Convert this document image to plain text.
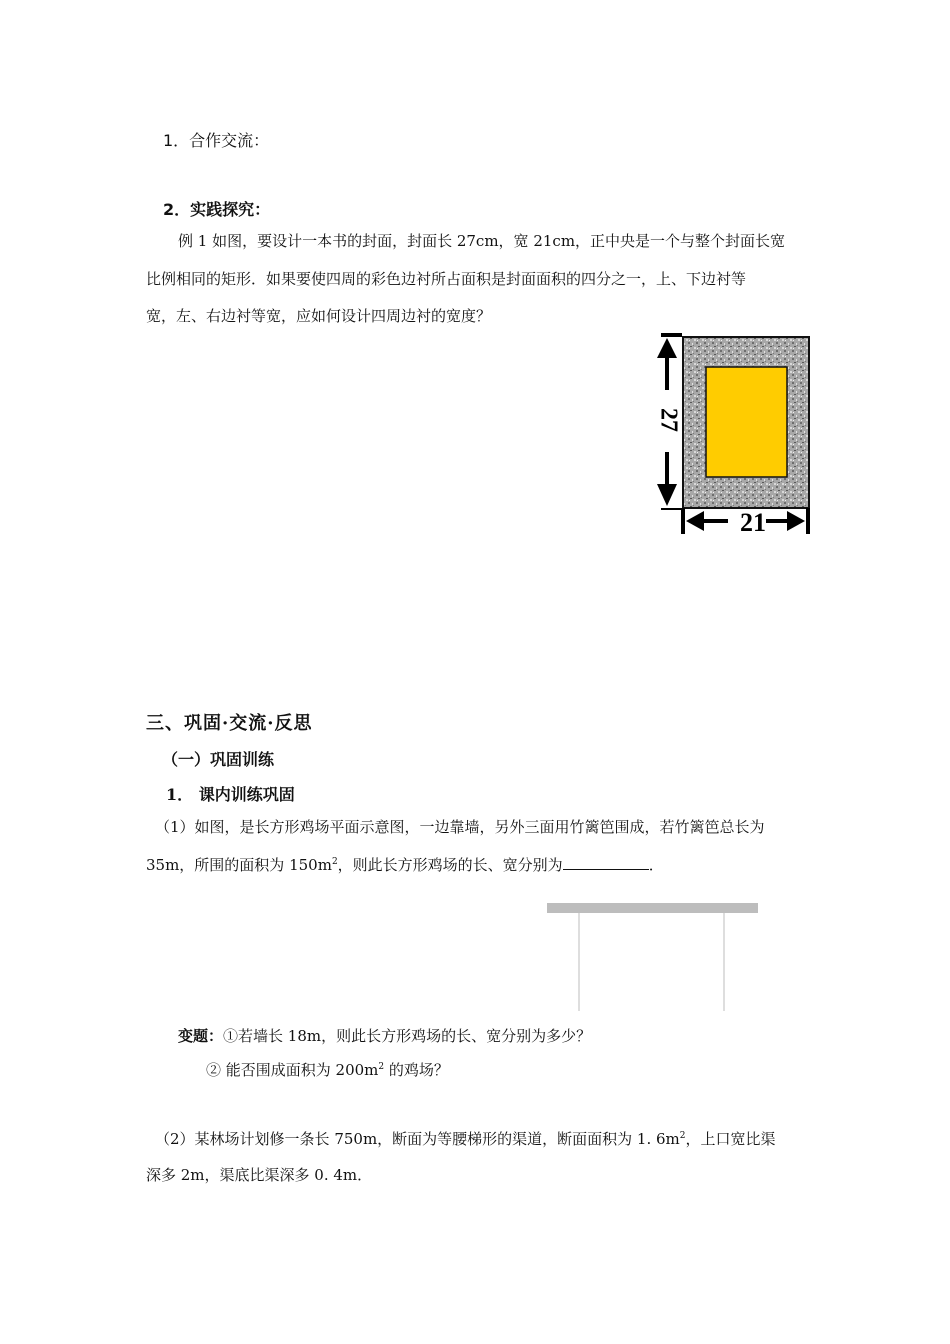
1．合作交流：
2．实践探究：
例 1 如图，要设计一本书的封面，封面长 27cm，宽 21cm，正中央是一个与整个封面长宽
比例相同的矩形．如果要使四周的彩色边衬所占面积是封面面积的四分之一，上、下边衬等
宽，左、右边衬等宽，应如何设计四周边衬的宽度？
27
21
三、巩固·交流·反思
（一）巩固训练
1． 课内训练巩固
（1）如图，是长方形鸡场平面示意图，一边靠墙，另外三面用竹篱笆围成，若竹篱笆总长为
35m，所围的面积为 $150m^2$，则此长方形鸡场的长、宽分别为	．
变题：①若墙长 18m，则此长方形鸡场的长、宽分别为多少？
② 能否围成面积为 $200m^2$ 的鸡场？
（2）某林场计划修一条长 750m，断面为等腰梯形的渠道，断面面积为 1. $6m^2$，上口宽比渠
深多 2m，渠底比渠深多 0. 4m．
